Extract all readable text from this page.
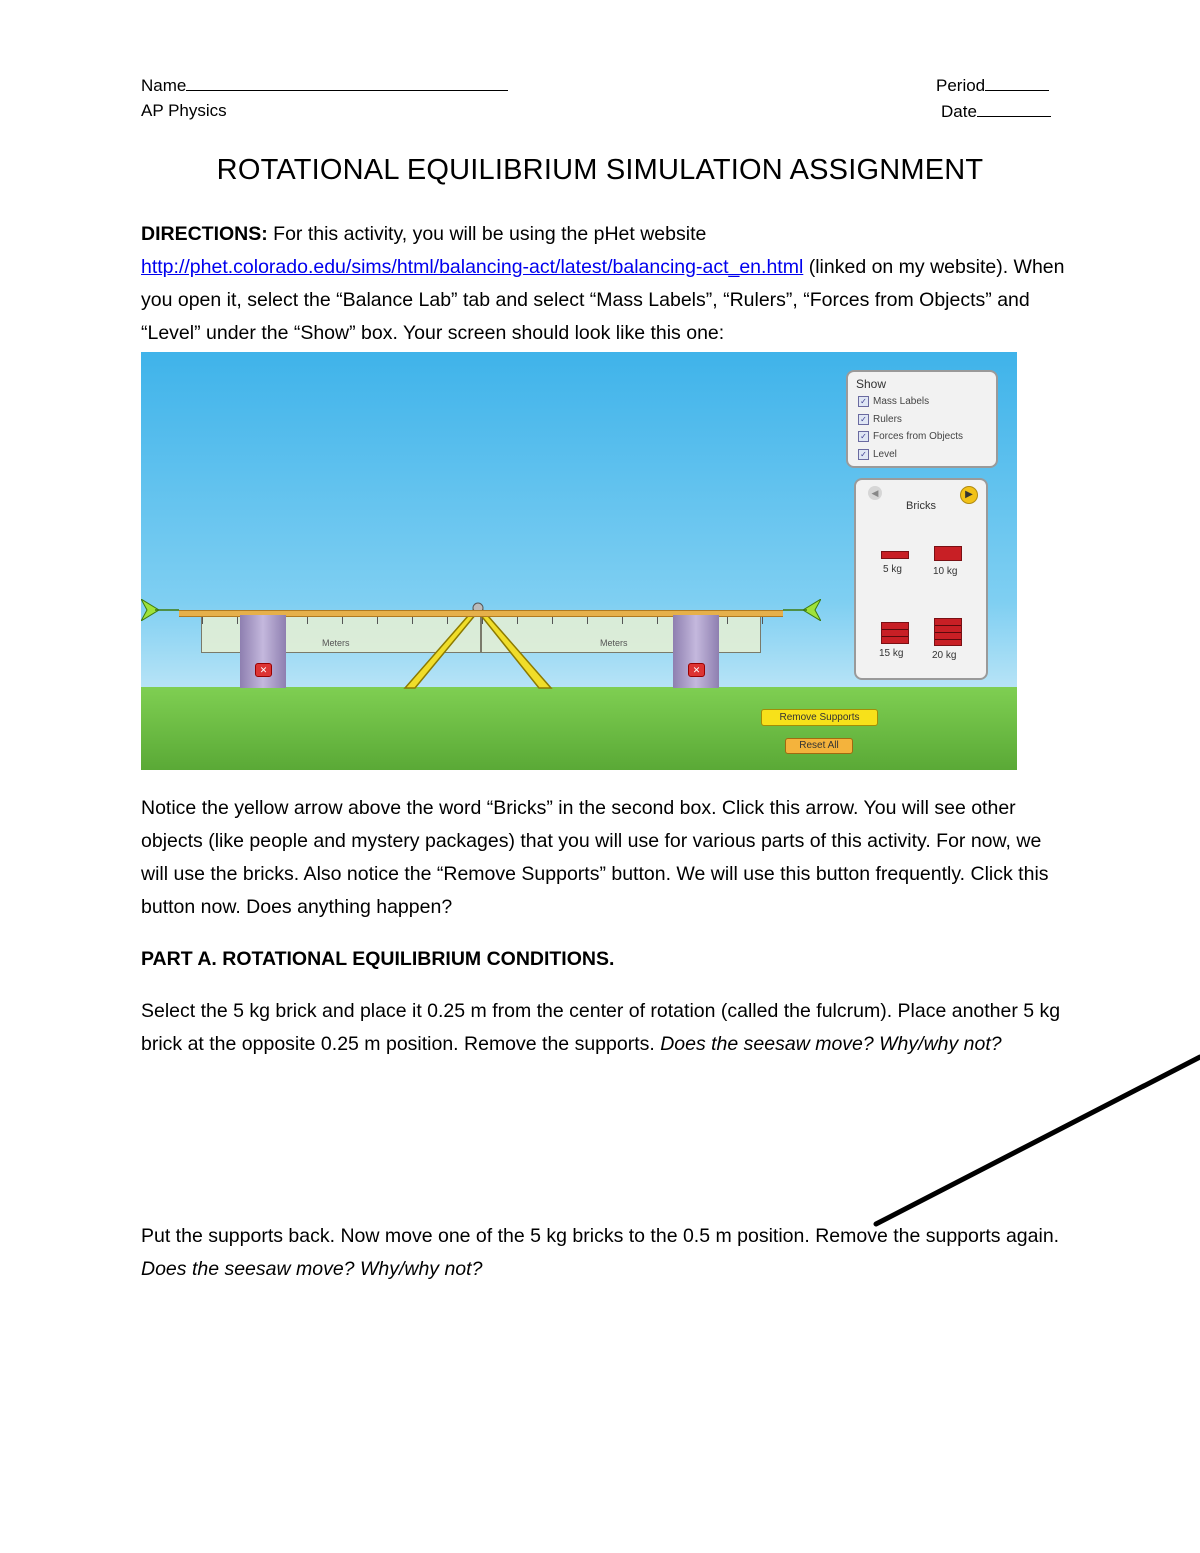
Name
AP Physics
Period
Date
ROTATIONAL EQUILIBRIUM SIMULATION ASSIGNMENT
DIRECTIONS: For this activity, you will be using the pHet website http://phet.colorado.edu/sims/html/balancing-act/latest/balancing-act_en.html (linked on my website). When you open it, select the “Balance Lab” tab and select “Mass Labels”, “Rulers”, “Forces from Objects” and “Level” under the “Show” box. Your screen should look like this one:
Show
✓ Mass Labels
✓ Rulers
✓ Forces from Objects
✓ Level
◀	▶
Bricks
5 kg	10 kg
15 kg	20 kg
Meters	Meters
✕	✕
Remove Supports
Reset All
Notice the yellow arrow above the word “Bricks” in the second box. Click this arrow. You will see other objects (like people and mystery packages) that you will use for various parts of this activity. For now, we will use the bricks. Also notice the “Remove Supports” button. We will use this button frequently. Click this button now. Does anything happen?
PART A. ROTATIONAL EQUILIBRIUM CONDITIONS.
Select the 5 kg brick and place it 0.25 m from the center of rotation (called the fulcrum). Place another 5 kg brick at the opposite 0.25 m position. Remove the supports. Does the seesaw move? Why/why not?
Put the supports back. Now move one of the 5 kg bricks to the 0.5 m position. Remove the supports again. Does the seesaw move? Why/why not?
